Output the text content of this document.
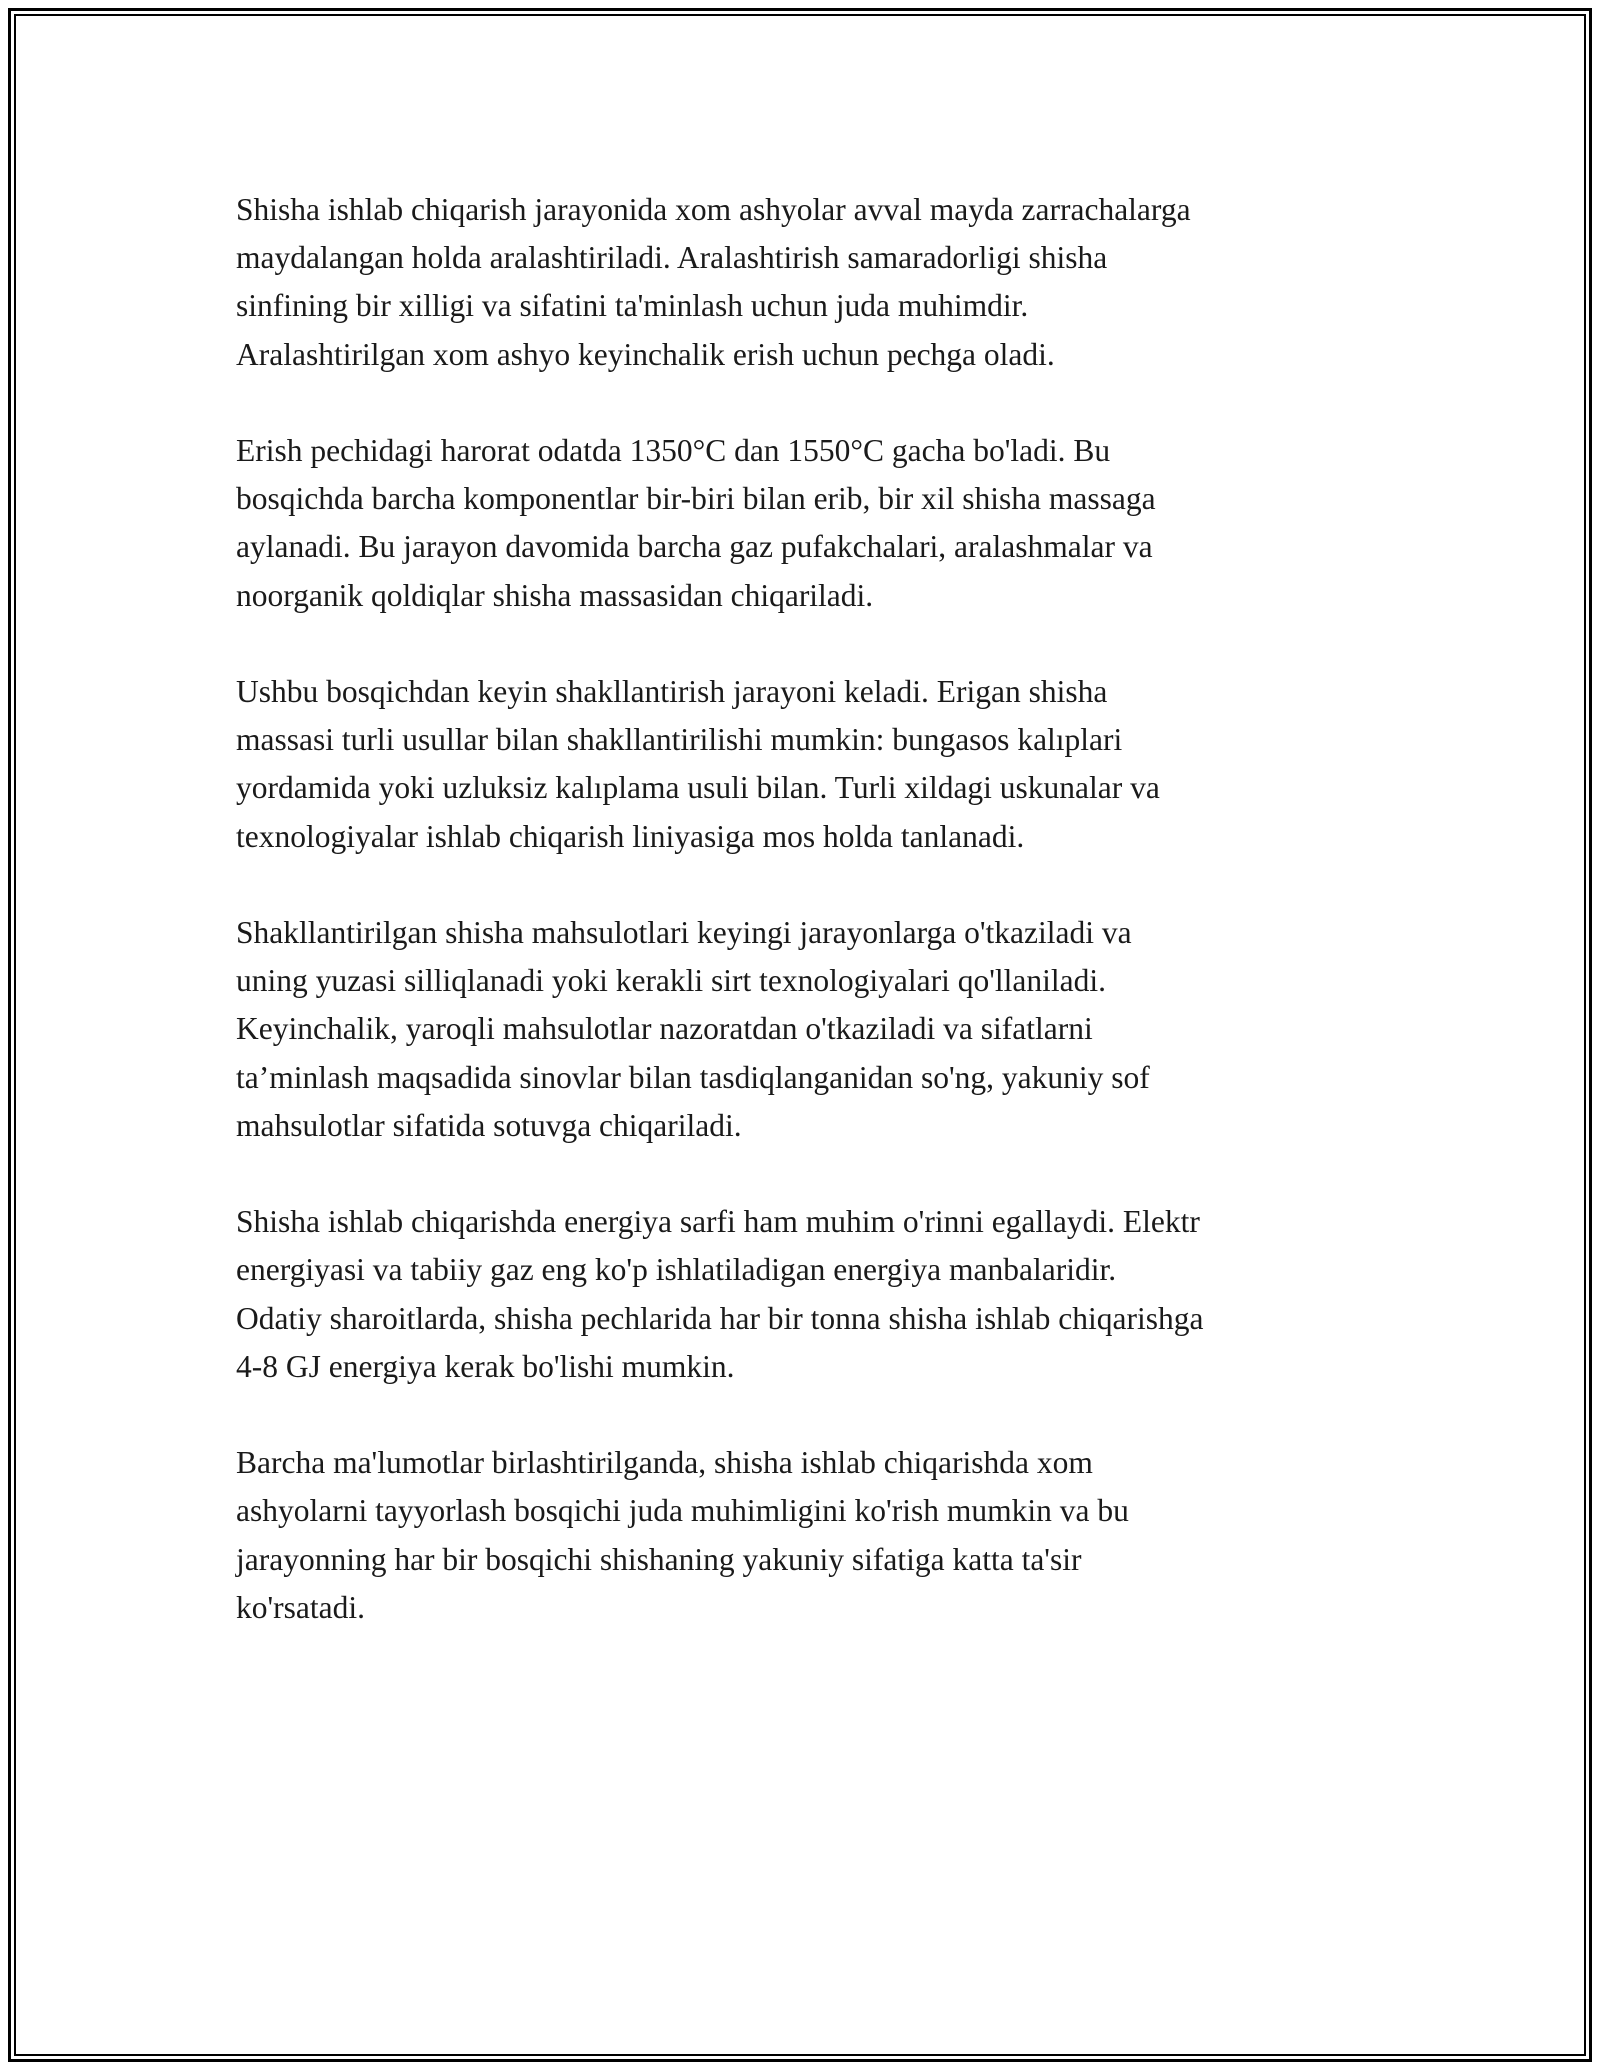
Shisha ishlab chiqarish jarayonida xom ashyolar avval mayda zarrachalarga
maydalangan holda aralashtiriladi. Aralashtirish samaradorligi shisha
sinfining bir xilligi va sifatini ta'minlash uchun juda muhimdir.
Aralashtirilgan xom ashyo keyinchalik erish uchun pechga oladi.

Erish pechidagi harorat odatda 1350°C dan 1550°C gacha bo'ladi. Bu
bosqichda barcha komponentlar bir-biri bilan erib, bir xil shisha massaga
aylanadi. Bu jarayon davomida barcha gaz pufakchalari, aralashmalar va
noorganik qoldiqlar shisha massasidan chiqariladi.

Ushbu bosqichdan keyin shakllantirish jarayoni keladi. Erigan shisha
massasi turli usullar bilan shakllantirilishi mumkin: bungasos kalıplari
yordamida yoki uzluksiz kalıplama usuli bilan. Turli xildagi uskunalar va
texnologiyalar ishlab chiqarish liniyasiga mos holda tanlanadi.

Shakllantirilgan shisha mahsulotlari keyingi jarayonlarga o'tkaziladi va
uning yuzasi silliqlanadi yoki kerakli sirt texnologiyalari qo'llaniladi.
Keyinchalik, yaroqli mahsulotlar nazoratdan o'tkaziladi va sifatlarni
ta’minlash maqsadida sinovlar bilan tasdiqlanganidan so'ng, yakuniy sof
mahsulotlar sifatida sotuvga chiqariladi.

Shisha ishlab chiqarishda energiya sarfi ham muhim o'rinni egallaydi. Elektr
energiyasi va tabiiy gaz eng ko'p ishlatiladigan energiya manbalaridir.
Odatiy sharoitlarda, shisha pechlarida har bir tonna shisha ishlab chiqarishga
4-8 GJ energiya kerak bo'lishi mumkin.

Barcha ma'lumotlar birlashtirilganda, shisha ishlab chiqarishda xom
ashyolarni tayyorlash bosqichi juda muhimligini ko'rish mumkin va bu
jarayonning har bir bosqichi shishaning yakuniy sifatiga katta ta'sir
ko'rsatadi.
